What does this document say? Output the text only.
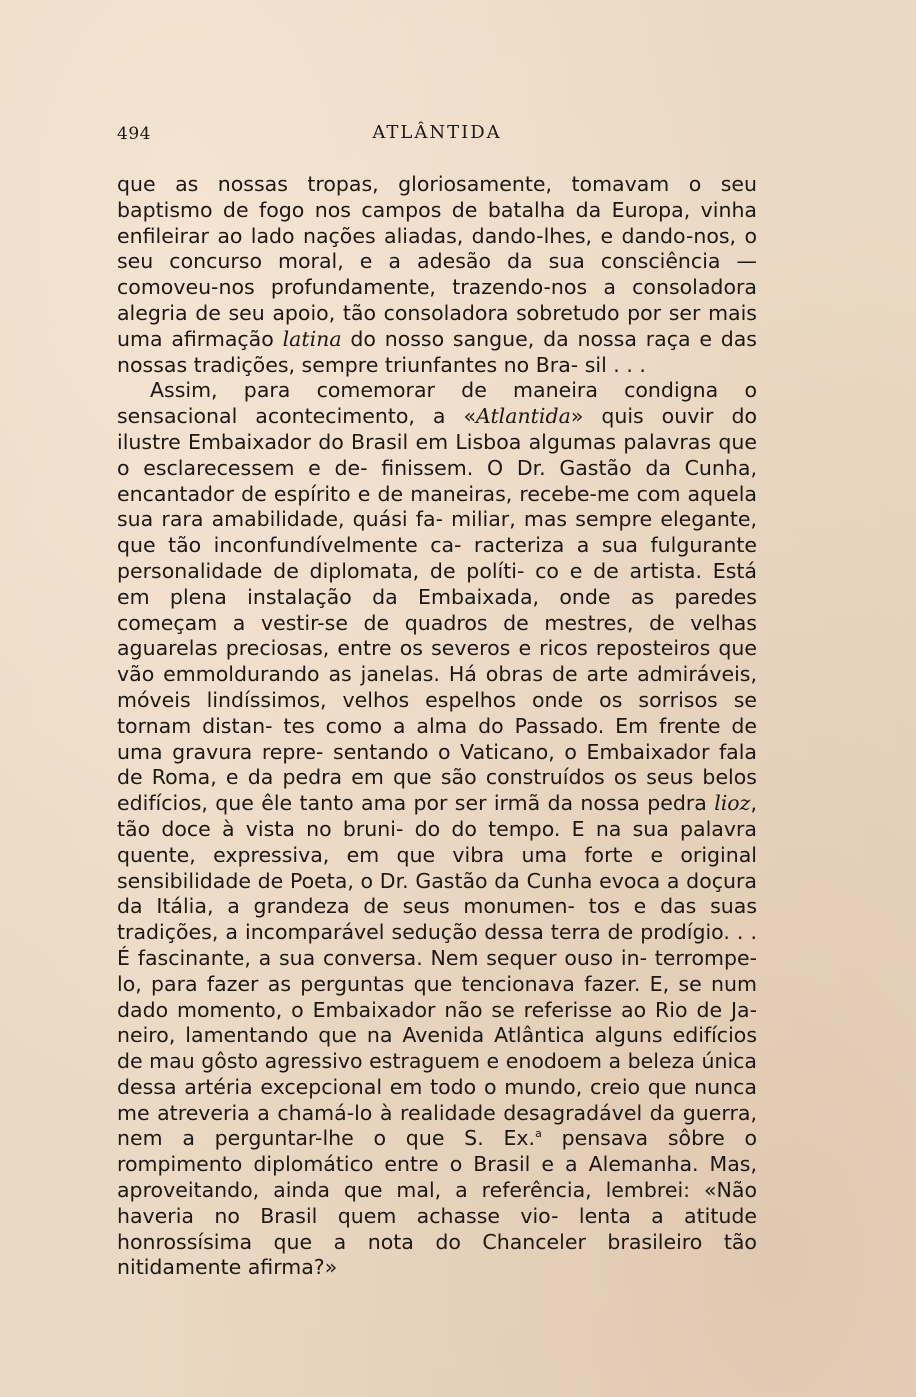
494	ATLÂNTIDA

que as nossas tropas, gloriosamente, tomavam o seu baptismo de fogo nos campos de batalha da Europa, vinha enfileirar ao lado nações aliadas, dando-lhes, e dando-nos, o seu concurso moral, e a adesão da sua consciência — comoveu-nos profundamente, trazendo-nos a consoladora alegria de seu apoio, tão consoladora sobretudo por ser mais uma afirmação latina do nosso sangue, da nossa raça e das nossas tradições, sempre triunfantes no Bra- sil . . .

Assim, para comemorar de maneira condigna o sensacional acontecimento, a «Atlantida» quis ouvir do ilustre Embaixador do Brasil em Lisboa algumas palavras que o esclarecessem e de- finissem. O Dr. Gastão da Cunha, encantador de espírito e de maneiras, recebe-me com aquela sua rara amabilidade, quási fa- miliar, mas sempre elegante, que tão inconfundívelmente ca- racteriza a sua fulgurante personalidade de diplomata, de políti- co e de artista. Está em plena instalação da Embaixada, onde as paredes começam a vestir-se de quadros de mestres, de velhas aguarelas preciosas, entre os severos e ricos reposteiros que vão emmoldurando as janelas. Há obras de arte admiráveis, móveis lindíssimos, velhos espelhos onde os sorrisos se tornam distan- tes como a alma do Passado. Em frente de uma gravura repre- sentando o Vaticano, o Embaixador fala de Roma, e da pedra em que são construídos os seus belos edifícios, que êle tanto ama por ser irmã da nossa pedra lioz, tão doce à vista no bruni- do do tempo. E na sua palavra quente, expressiva, em que vibra uma forte e original sensibilidade de Poeta, o Dr. Gastão da Cunha evoca a doçura da Itália, a grandeza de seus monumen- tos e das suas tradições, a incomparável sedução dessa terra de prodígio. . . É fascinante, a sua conversa. Nem sequer ouso in- terrompe-lo, para fazer as perguntas que tencionava fazer. E, se num dado momento, o Embaixador não se referisse ao Rio de Ja- neiro, lamentando que na Avenida Atlântica alguns edifícios de mau gôsto agressivo estraguem e enodoem a beleza única dessa artéria excepcional em todo o mundo, creio que nunca me atreveria a chamá-lo à realidade desagradável da guerra, nem a perguntar-lhe o que S. Ex.$^a$ pensava sôbre o rompimento diplomático entre o Brasil e a Alemanha. Mas, aproveitando, ainda que mal, a referência, lembrei: «Não haveria no Brasil quem achasse vio- lenta a atitude honrossísima que a nota do Chanceler brasileiro tão nitidamente afirma?»
